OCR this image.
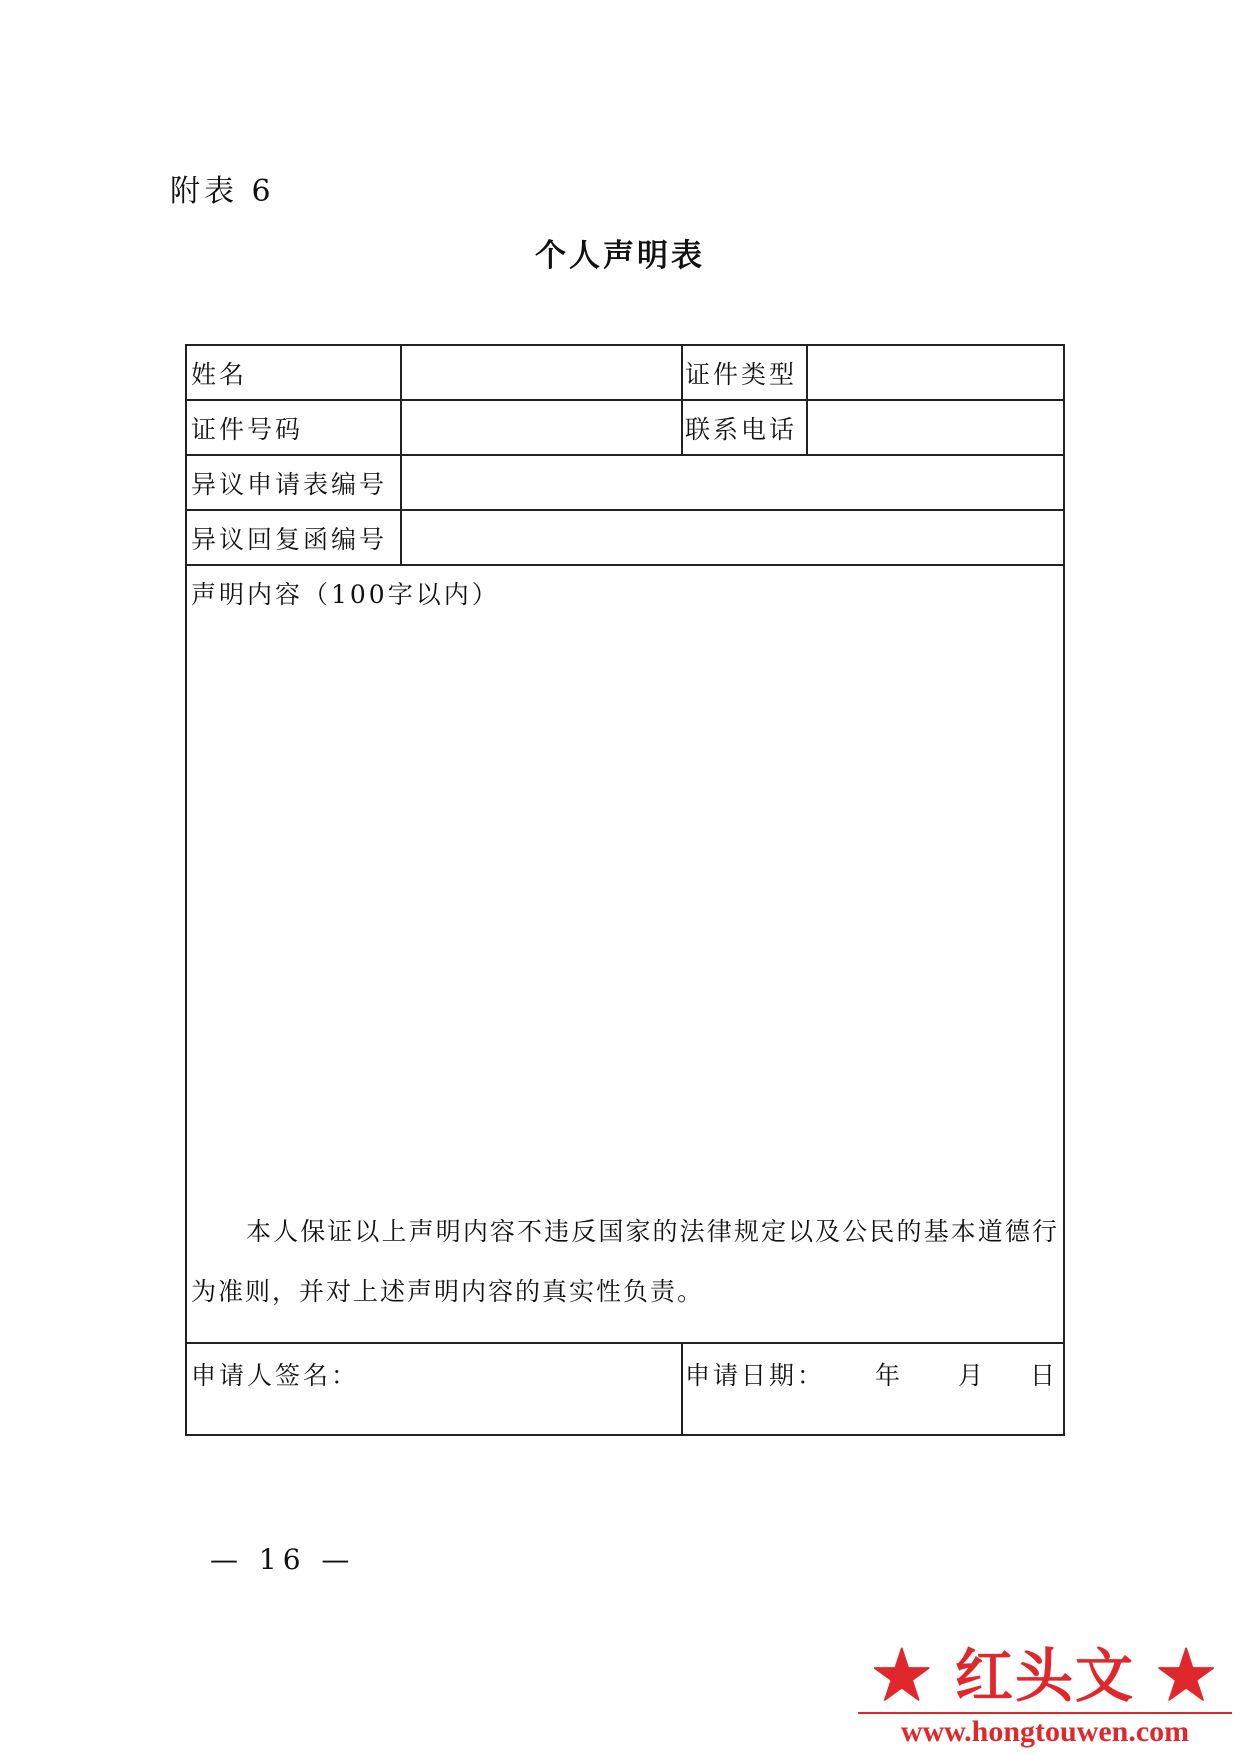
附表 6
个人声明表
姓名	证件类型
证件号码	联系电话
异议申请表编号
异议回复函编号
声明内容（100字以内）
本人保证以上声明内容不违反国家的法律规定以及公民的基本道德行为准则，并对上述声明内容的真实性负责。
申请人签名：	申请日期： 年 月 日
— 16 —
★ 红头文 ★
www.hongtouwen.com
